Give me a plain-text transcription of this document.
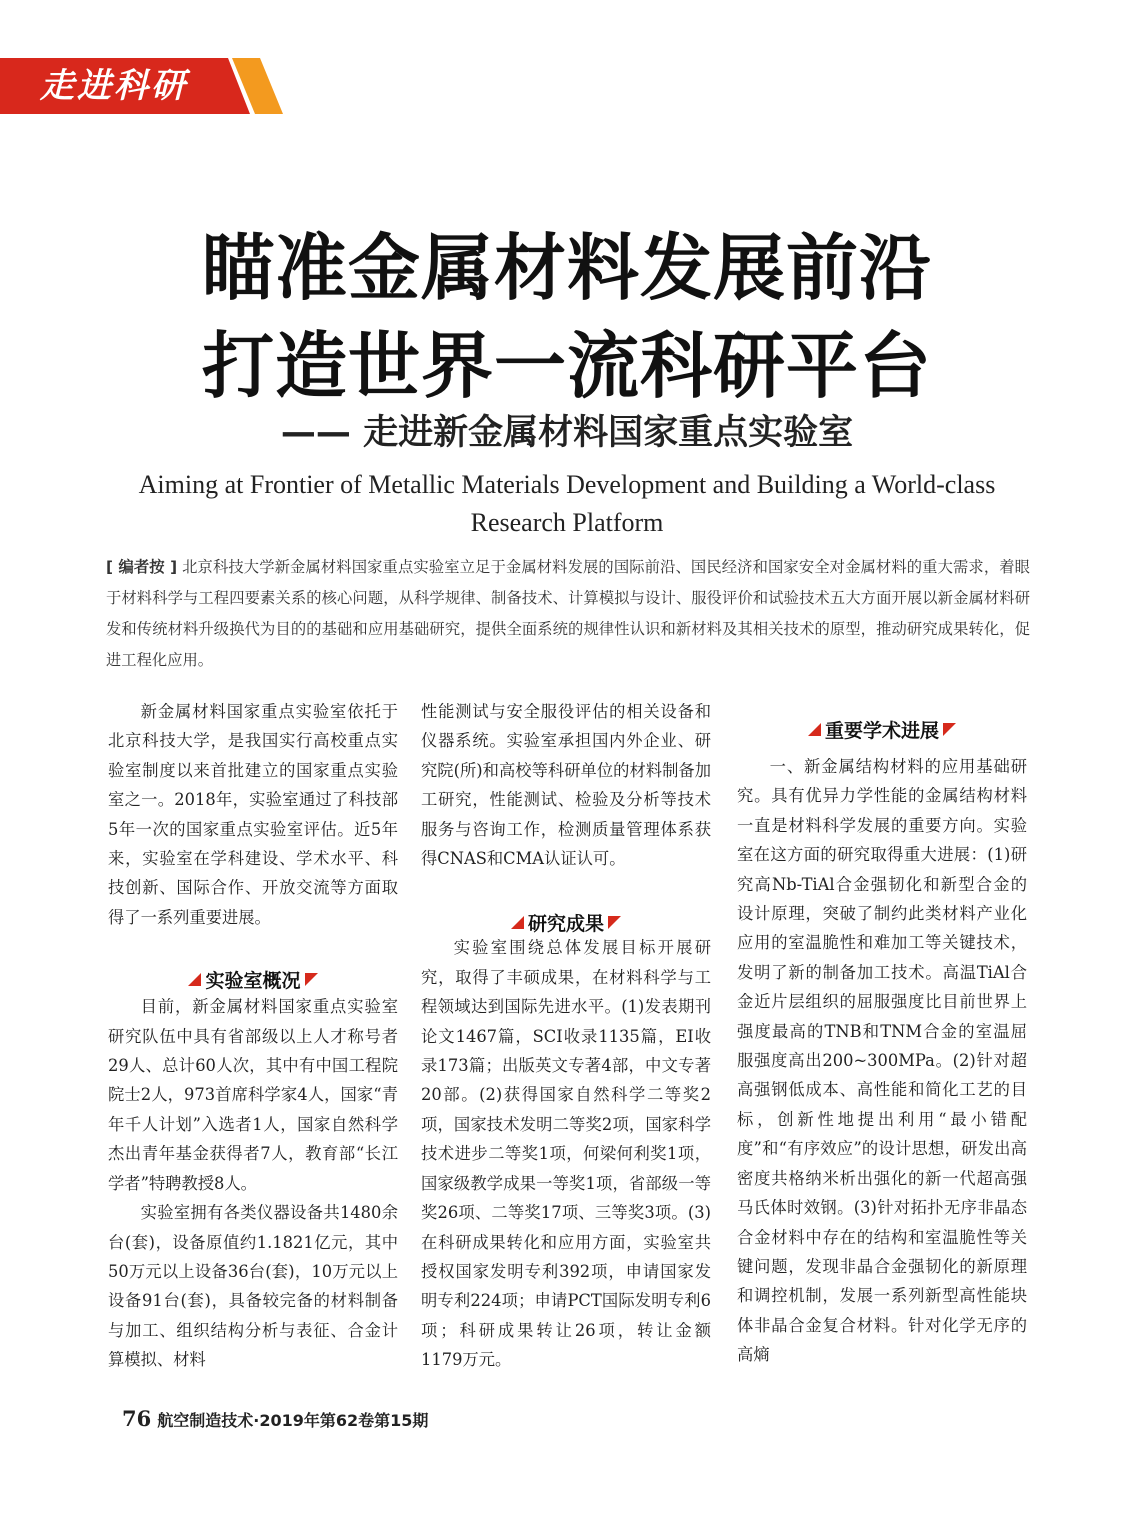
走进科研
瞄准金属材料发展前沿
打造世界一流科研平台
—— 走进新金属材料国家重点实验室
Aiming at Frontier of Metallic Materials Development and Building a World-class
Research Platform
[ 编者按 ] 北京科技大学新金属材料国家重点实验室立足于金属材料发展的国际前沿、国民经济和国家安全对金属材料的重大需求，着眼于材料科学与工程四要素关系的核心问题，从科学规律、制备技术、计算模拟与设计、服役评价和试验技术五大方面开展以新金属材料研发和传统材料升级换代为目的的基础和应用基础研究，提供全面系统的规律性认识和新材料及其相关技术的原型，推动研究成果转化，促进工程化应用。

新金属材料国家重点实验室依托于北京科技大学，是我国实行高校重点实验室制度以来首批建立的国家重点实验室之一。2018年，实验室通过了科技部5年一次的国家重点实验室评估。近5年来，实验室在学科建设、学术水平、科技创新、国际合作、开放交流等方面取得了一系列重要进展。

目前，新金属材料国家重点实验室研究队伍中具有省部级以上人才称号者29人、总计60人次，其中有中国工程院院士2人，973首席科学家4人，国家“青年千人计划”入选者1人，国家自然科学杰出青年基金获得者7人，教育部“长江学者”特聘教授8人。

实验室拥有各类仪器设备共1480余台(套)，设备原值约1.1821亿元，其中50万元以上设备36台(套)，10万元以上设备91台(套)，具备较完备的材料制备与加工、组织结构分析与表征、合金计算模拟、材料

实验室概况

性能测试与安全服役评估的相关设备和仪器系统。实验室承担国内外企业、研究院(所)和高校等科研单位的材料制备加工研究，性能测试、检验及分析等技术服务与咨询工作，检测质量管理体系获得CNAS和CMA认证认可。

实验室围绕总体发展目标开展研究，取得了丰硕成果，在材料科学与工程领域达到国际先进水平。(1)发表期刊论文1467篇，SCI收录1135篇，EI收录173篇；出版英文专著4部，中文专著20部。(2)获得国家自然科学二等奖2项，国家技术发明二等奖2项，国家科学技术进步二等奖1项，何梁何利奖1项，国家级教学成果一等奖1项，省部级一等奖26项、二等奖17项、三等奖3项。(3)在科研成果转化和应用方面，实验室共授权国家发明专利392项，申请国家发明专利224项；申请PCT国际发明专利6项；科研成果转让26项，转让金额1179万元。

研究成果
重要学术进展

一、新金属结构材料的应用基础研究。具有优异力学性能的金属结构材料一直是材料科学发展的重要方向。实验室在这方面的研究取得重大进展：(1)研究高Nb-TiAl合金强韧化和新型合金的设计原理，突破了制约此类材料产业化应用的室温脆性和难加工等关键技术，发明了新的制备加工技术。高温TiAl合金近片层组织的屈服强度比目前世界上强度最高的TNB和TNM合金的室温屈服强度高出200~300MPa。(2)针对超高强钢低成本、高性能和简化工艺的目标，创新性地提出利用“最小错配度”和“有序效应”的设计思想，研发出高密度共格纳米析出强化的新一代超高强马氏体时效钢。(3)针对拓扑无序非晶态合金材料中存在的结构和室温脆性等关键问题，发现非晶合金强韧化的新原理和调控机制，发展一系列新型高性能块体非晶合金复合材料。针对化学无序的高熵

76 航空制造技术·2019年第62卷第15期
